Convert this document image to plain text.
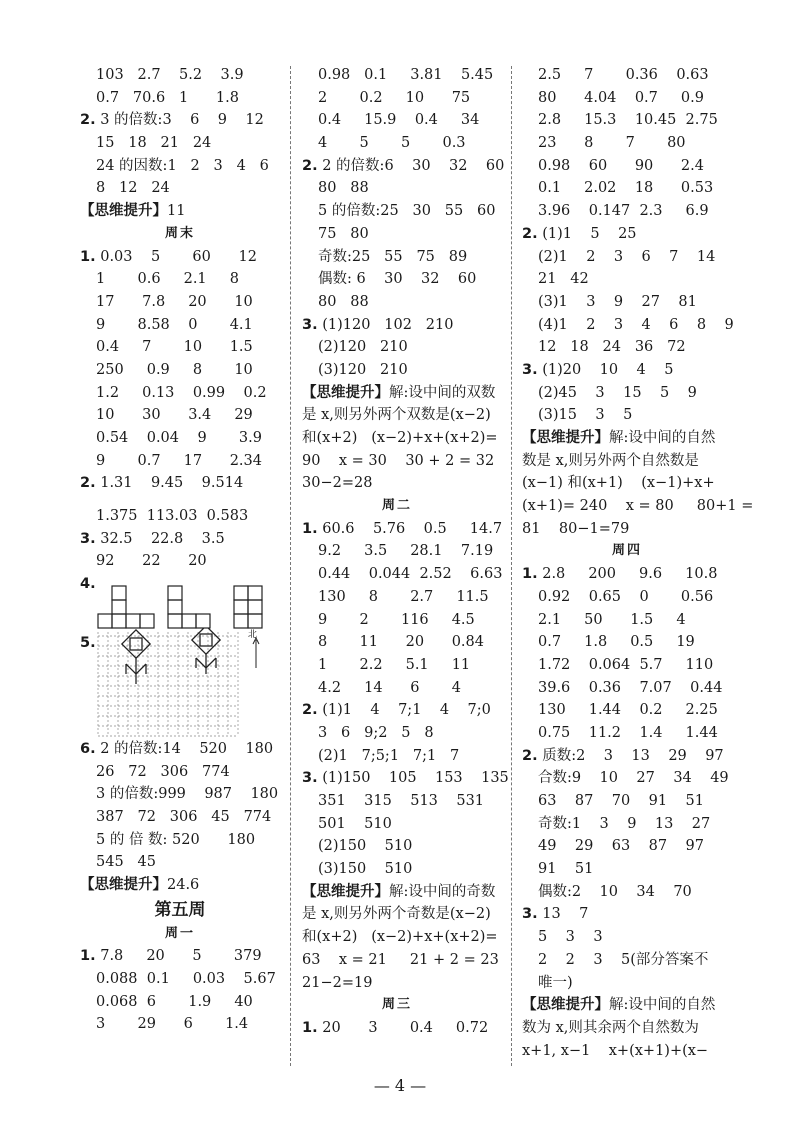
103   2.7    5.2    3.9
0.7   70.6   1      1.8
2. 3 的倍数:3    6    9    12
15   18   21   24
24 的因数:1   2   3   4   6
8   12   24
【思维提升】11
周末
1. 0.03    5       60      12
1       0.6     2.1     8
17      7.8     20      10
9       8.58    0       4.1
0.4     7       10      1.5
250     0.9     8       10
1.2     0.13    0.99    0.2
10      30      3.4     29
0.54    0.04    9       3.9
9       0.7     17      2.34
2. 1.31    9.45    9.514
1.375  113.03  0.583
3. 32.5    22.8    3.5
92      22      20
4.
5.	北
6. 2 的倍数:14    520    180
26   72   306   774
3 的倍数:999    987    180
387   72   306   45   774
5 的 倍 数: 520      180
545   45
【思维提升】24.6
第五周
周一
1. 7.8     20      5       379
0.088  0.1     0.03    5.67
0.068  6       1.9     40
3       29      6       1.4
0.98   0.1     3.81    5.45
2       0.2     10      75
0.4     15.9    0.4     34
4       5       5       0.3
2. 2 的倍数:6    30    32    60
80   88
5 的倍数:25   30   55   60
75   80
奇数:25   55   75   89
偶数: 6    30    32    60
80   88
3. (1)120   102   210
(2)120   210
(3)120   210
【思维提升】解:设中间的双数
是 x,则另外两个双数是(x−2)
和(x+2)   (x−2)+x+(x+2)=
90    x = 30    30 + 2 = 32
30−2=28
周二
1. 60.6    5.76    0.5     14.7
9.2     3.5     28.1    7.19
0.44    0.044  2.52    6.63
130     8       2.7     11.5
9       2       116     4.5
8       11      20      0.84
1       2.2     5.1     11
4.2     14      6       4
2. (1)1    4    7;1    4    7;0
3   6   9;2   5   8
(2)1   7;5;1   7;1   7
3. (1)150    105    153    135
351    315    513    531
501    510
(2)150    510
(3)150    510
【思维提升】解:设中间的奇数
是 x,则另外两个奇数是(x−2)
和(x+2)   (x−2)+x+(x+2)=
63    x = 21     21 + 2 = 23
21−2=19
周三
1. 20      3       0.4     0.72
2.5     7       0.36    0.63
80      4.04    0.7     0.9
2.8     15.3    10.45  2.75
23      8       7       80
0.98    60      90      2.4
0.1     2.02    18      0.53
3.96    0.147  2.3     6.9
2. (1)1    5    25
(2)1    2    3    6    7    14
21   42
(3)1    3    9    27    81
(4)1    2    3    4    6    8    9
12   18   24   36   72
3. (1)20    10    4    5
(2)45    3    15    5    9
(3)15    3    5
【思维提升】解:设中间的自然
数是 x,则另外两个自然数是
(x−1) 和(x+1)    (x−1)+x+
(x+1)= 240    x = 80     80+1 =
81    80−1=79
周四
1. 2.8     200     9.6     10.8
0.92    0.65    0       0.56
2.1     50      1.5     4
0.7     1.8     0.5     19
1.72    0.064  5.7     110
39.6    0.36    7.07    0.44
130     1.44    0.2     2.25
0.75    11.2    1.4     1.44
2. 质数:2    3    13    29    97
合数:9    10    27    34    49
63    87    70    91    51
奇数:1    3    9    13    27
49    29    63    87    97
91    51
偶数:2    10    34    70
3. 13    7
5    3    3
2    2    3    5(部分答案不
唯一)
【思维提升】解:设中间的自然
数为 x,则其余两个自然数为
x+1, x−1    x+(x+1)+(x−
— 4 —
